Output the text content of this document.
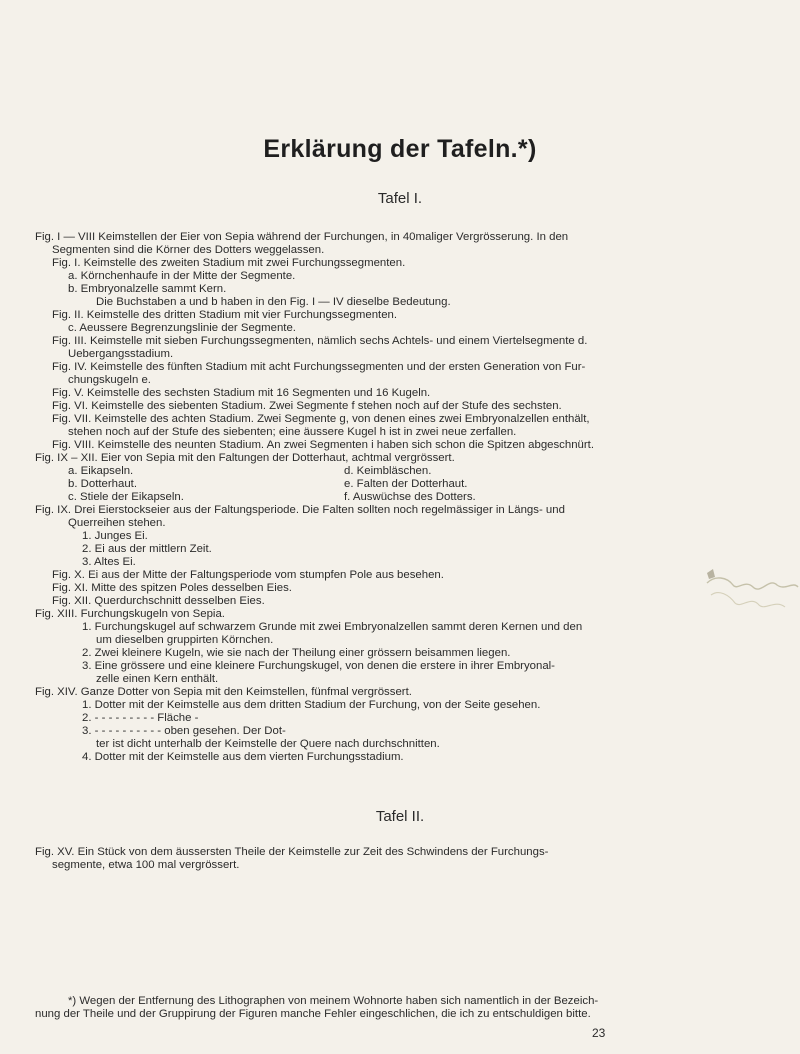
Erklärung der Tafeln.*)
Tafel I.
Fig. I — VIII Keimstellen der Eier von Sepia während der Furchungen, in 40maliger Vergrösserung. In den
Segmenten sind die Körner des Dotters weggelassen.
Fig. I. Keimstelle des zweiten Stadium mit zwei Furchungssegmenten.
a. Körnchenhaufe in der Mitte der Segmente.
b. Embryonalzelle sammt Kern.
Die Buchstaben a und b haben in den Fig. I — IV dieselbe Bedeutung.
Fig. II. Keimstelle des dritten Stadium mit vier Furchungssegmenten.
c. Aeussere Begrenzungslinie der Segmente.
Fig. III. Keimstelle mit sieben Furchungssegmenten, nämlich sechs Achtels- und einem Viertelsegmente d.
Uebergangsstadium.
Fig. IV. Keimstelle des fünften Stadium mit acht Furchungssegmenten und der ersten Generation von Fur-
chungskugeln e.
Fig. V. Keimstelle des sechsten Stadium mit 16 Segmenten und 16 Kugeln.
Fig. VI. Keimstelle des siebenten Stadium. Zwei Segmente f stehen noch auf der Stufe des sechsten.
Fig. VII. Keimstelle des achten Stadium. Zwei Segmente g, von denen eines zwei Embryonalzellen enthält,
stehen noch auf der Stufe des siebenten; eine äussere Kugel h ist in zwei neue zerfallen.
Fig. VIII. Keimstelle des neunten Stadium. An zwei Segmenten i haben sich schon die Spitzen abgeschnürt.
Fig. IX – XII. Eier von Sepia mit den Faltungen der Dotterhaut, achtmal vergrössert.
a. Eikapseln.	d. Keimbläschen.
b. Dotterhaut.	e. Falten der Dotterhaut.
c. Stiele der Eikapseln.	f. Auswüchse des Dotters.
Fig. IX. Drei Eierstockseier aus der Faltungsperiode. Die Falten sollten noch regelmässiger in Längs- und
Querreihen stehen.
1. Junges Ei.
2. Ei aus der mittlern Zeit.
3. Altes Ei.
Fig. X. Ei aus der Mitte der Faltungsperiode vom stumpfen Pole aus besehen.
Fig. XI. Mitte des spitzen Poles desselben Eies.
Fig. XII. Querdurchschnitt desselben Eies.
Fig. XIII. Furchungskugeln von Sepia.
1. Furchungskugel auf schwarzem Grunde mit zwei Embryonalzellen sammt deren Kernen und den
um dieselben gruppirten Körnchen.
2. Zwei kleinere Kugeln, wie sie nach der Theilung einer grössern beisammen liegen.
3. Eine grössere und eine kleinere Furchungskugel, von denen die erstere in ihrer Embryonal-
zelle einen Kern enthält.
Fig. XIV. Ganze Dotter von Sepia mit den Keimstellen, fünfmal vergrössert.
1. Dotter mit der Keimstelle aus dem dritten Stadium der Furchung, von der Seite gesehen.
2. - - - - - - - - - Fläche -
3. - - - - - - - - - - oben gesehen. Der Dot-
ter ist dicht unterhalb der Keimstelle der Quere nach durchschnitten.
4. Dotter mit der Keimstelle aus dem vierten Furchungsstadium.
Tafel II.
Fig. XV. Ein Stück von dem äussersten Theile der Keimstelle zur Zeit des Schwindens der Furchungs-
segmente, etwa 100 mal vergrössert.
*) Wegen der Entfernung des Lithographen von meinem Wohnorte haben sich namentlich in der Bezeich-
nung der Theile und der Gruppirung der Figuren manche Fehler eingeschlichen, die ich zu entschuldigen bitte.
23
